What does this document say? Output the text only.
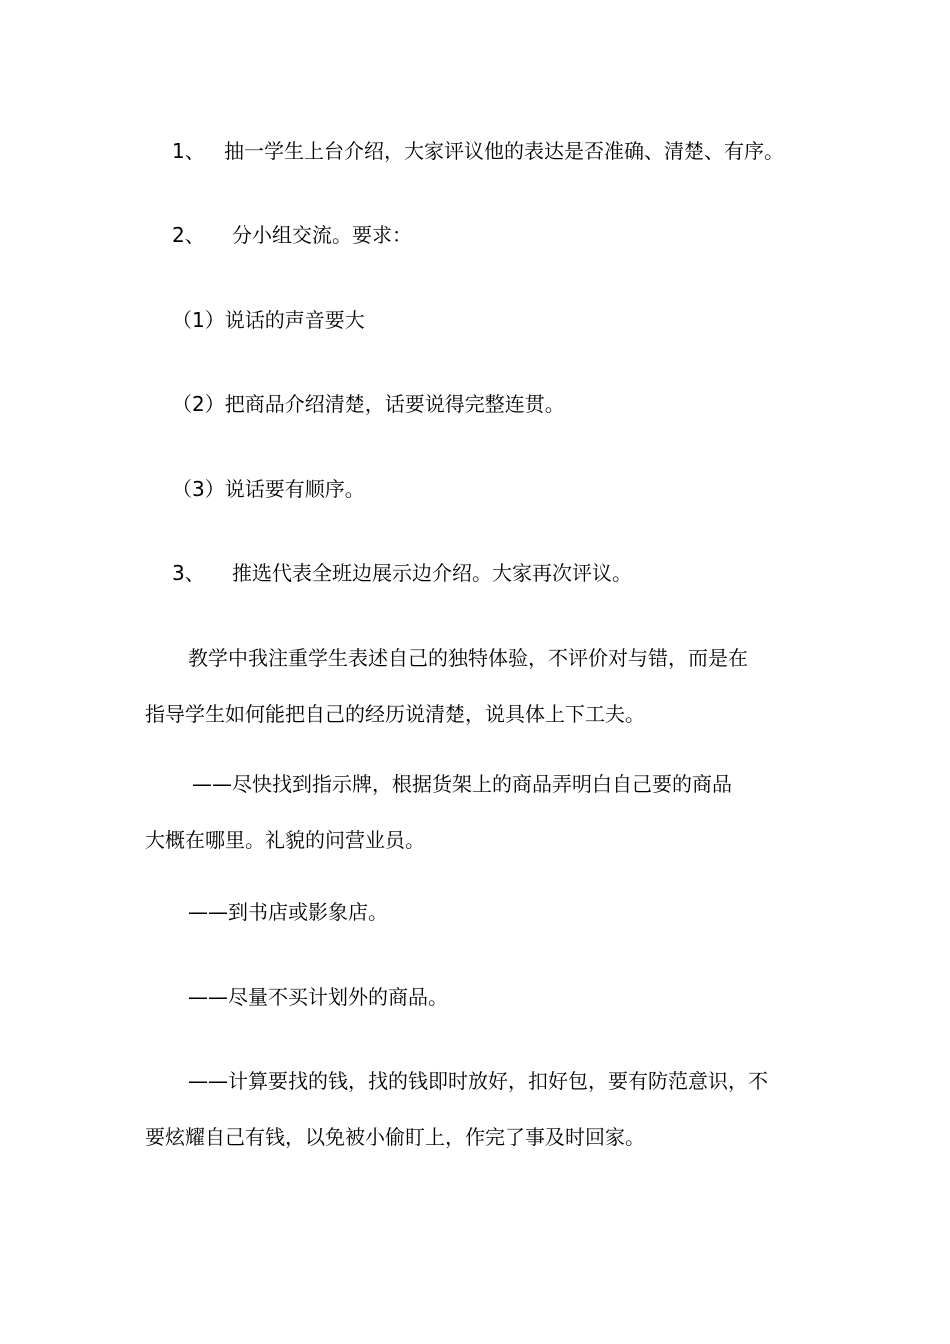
1、 抽一学生上台介绍，大家评议他的表达是否准确、清楚、有序。
2、 分小组交流。要求：
（1）说话的声音要大
（2）把商品介绍清楚，话要说得完整连贯。
（3）说话要有顺序。
3、 推选代表全班边展示边介绍。大家再次评议。
教学中我注重学生表述自己的独特体验，不评价对与错，而是在
指导学生如何能把自己的经历说清楚，说具体上下工夫。
——尽快找到指示牌，根据货架上的商品弄明白自己要的商品
大概在哪里。礼貌的问营业员。
——到书店或影象店。
——尽量不买计划外的商品。
——计算要找的钱，找的钱即时放好，扣好包，要有防范意识，不
要炫耀自己有钱，以免被小偷盯上，作完了事及时回家。
